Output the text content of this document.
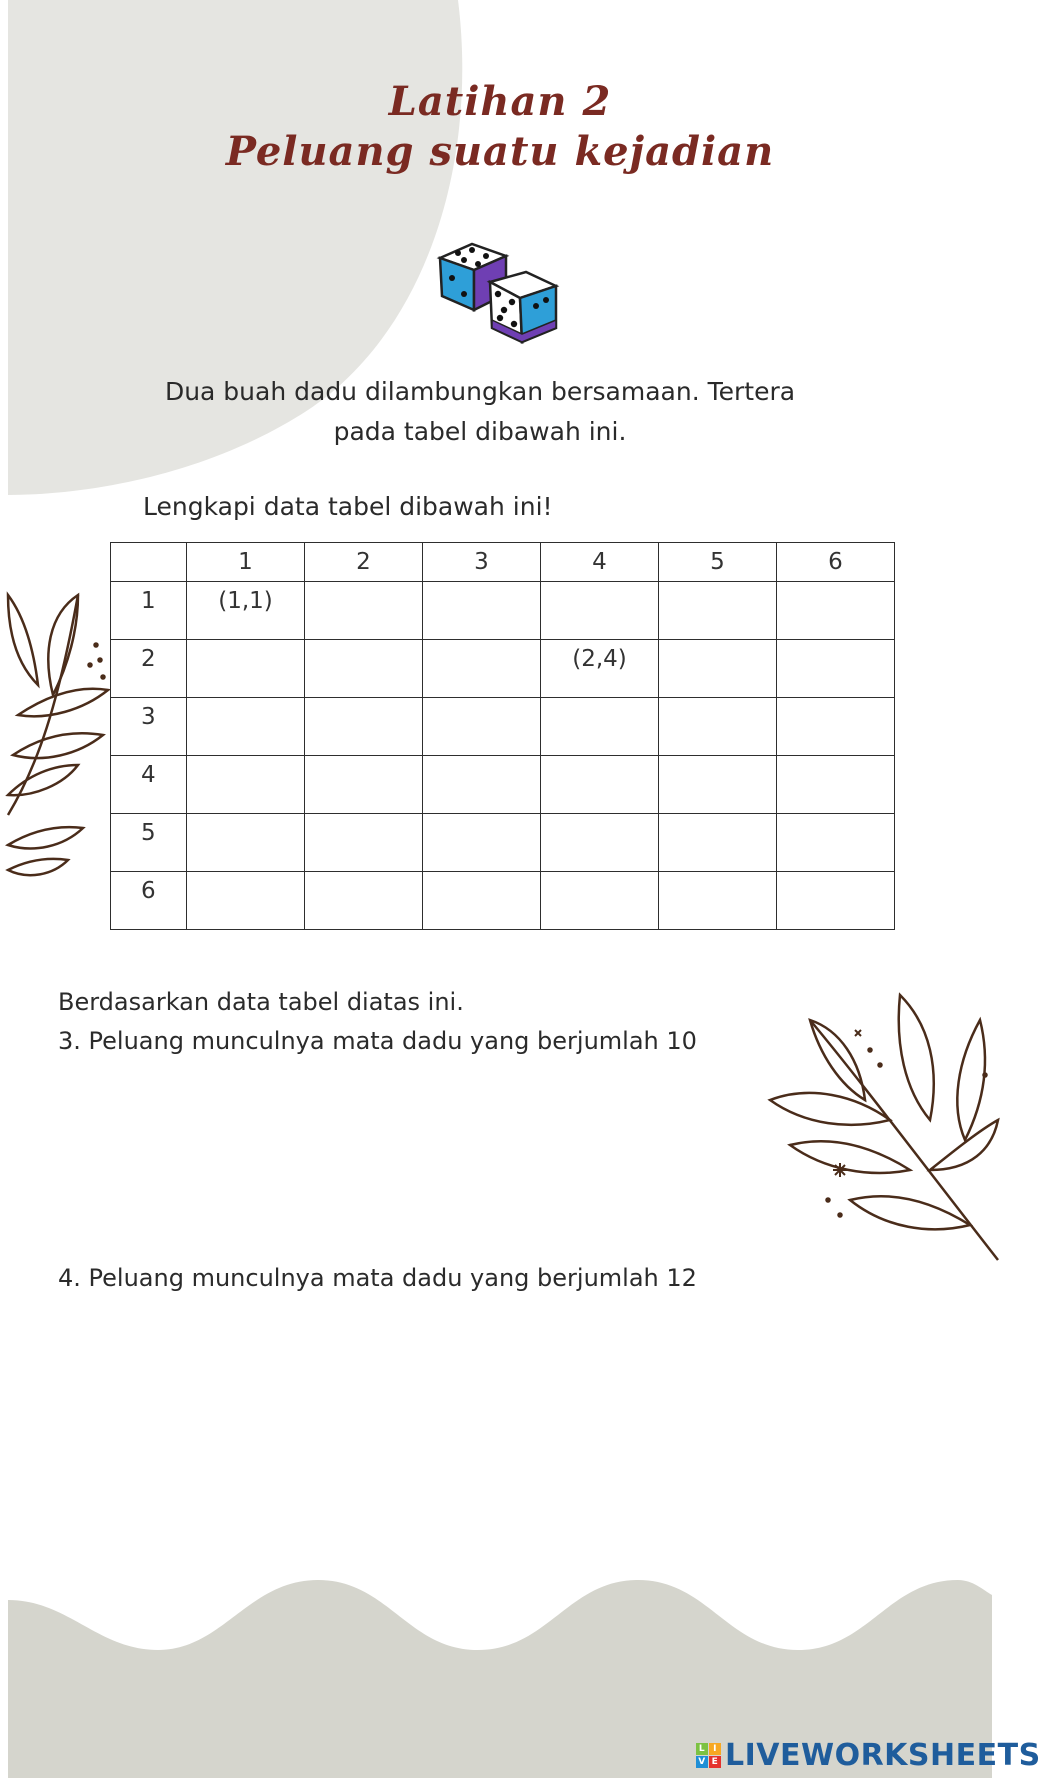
Latihan 2
Peluang suatu kejadian
Dua buah dadu dilambungkan bersamaan. Tertera pada tabel dibawah ini.
Lengkapi data tabel dibawah ini!
	1	2	3	4	5	6
1	(1,1)					
2				(2,4)		
3						
4						
5						
6						
Berdasarkan data tabel diatas ini.
3. Peluang munculnya mata dadu yang berjumlah 10
4. Peluang munculnya mata dadu yang berjumlah 12
L I
V E LIVEWORKSHEETS
